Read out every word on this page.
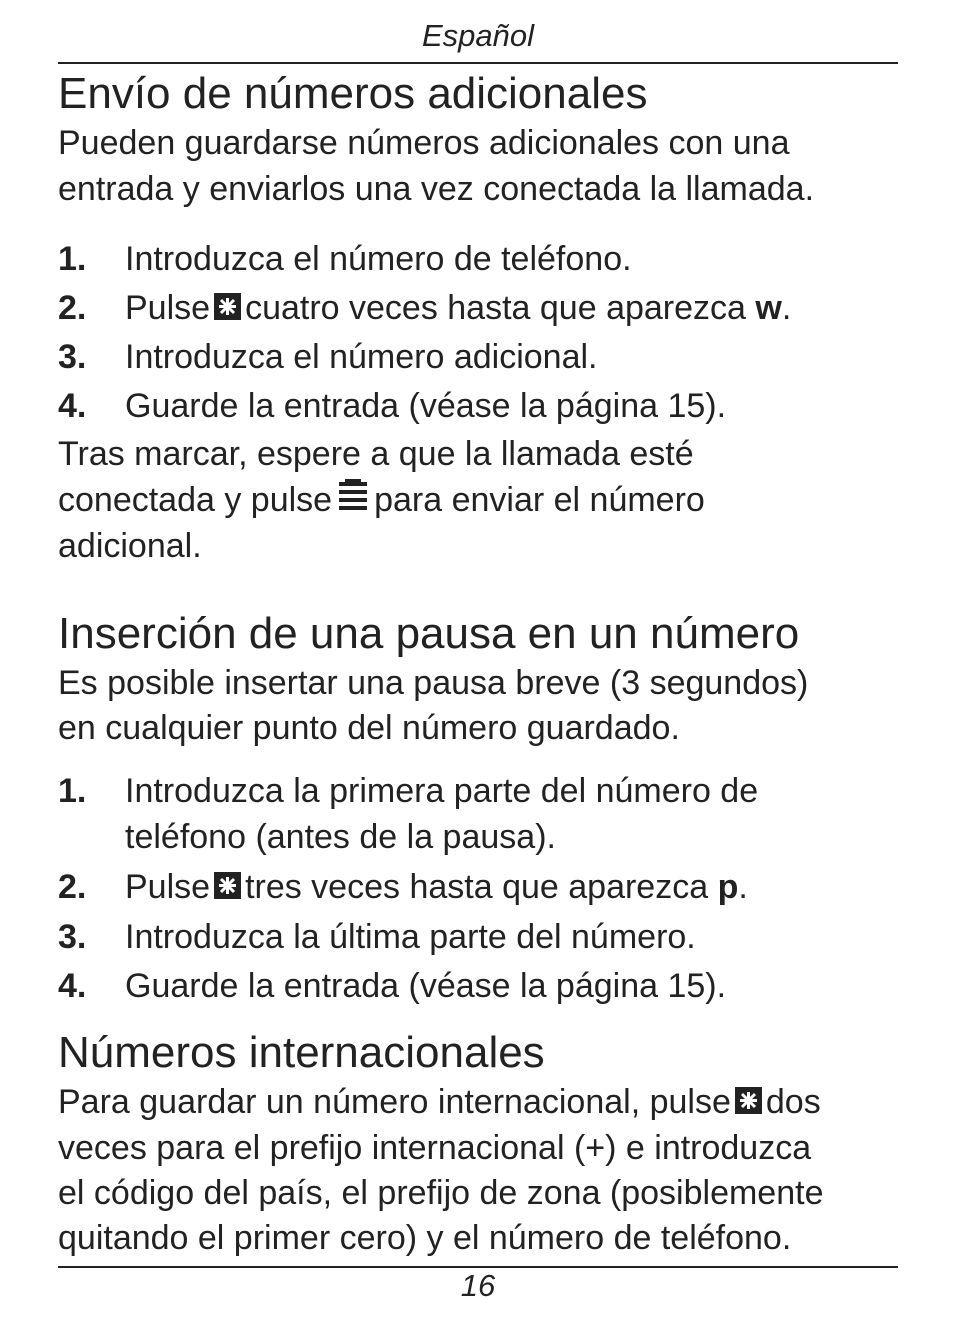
Español
Envío de números adicionales
Pueden guardarse números adicionales con una
entrada y enviarlos una vez conectada la llamada.
1. Introduzca el número de teléfono.
2. Pulse cuatro veces hasta que aparezca w.
3. Introduzca el número adicional.
4. Guarde la entrada (véase la página 15).
Tras marcar, espere a que la llamada esté
conectada y pulse para enviar el número
adicional.
Inserción de una pausa en un número
Es posible insertar una pausa breve (3 segundos)
en cualquier punto del número guardado.
1. Introduzca la primera parte del número de
teléfono (antes de la pausa).
2. Pulse tres veces hasta que aparezca p.
3. Introduzca la última parte del número.
4. Guarde la entrada (véase la página 15).
Números internacionales
Para guardar un número internacional, pulse dos
veces para el prefijo internacional (+) e introduzca
el código del país, el prefijo de zona (posiblemente
quitando el primer cero) y el número de teléfono.
16
